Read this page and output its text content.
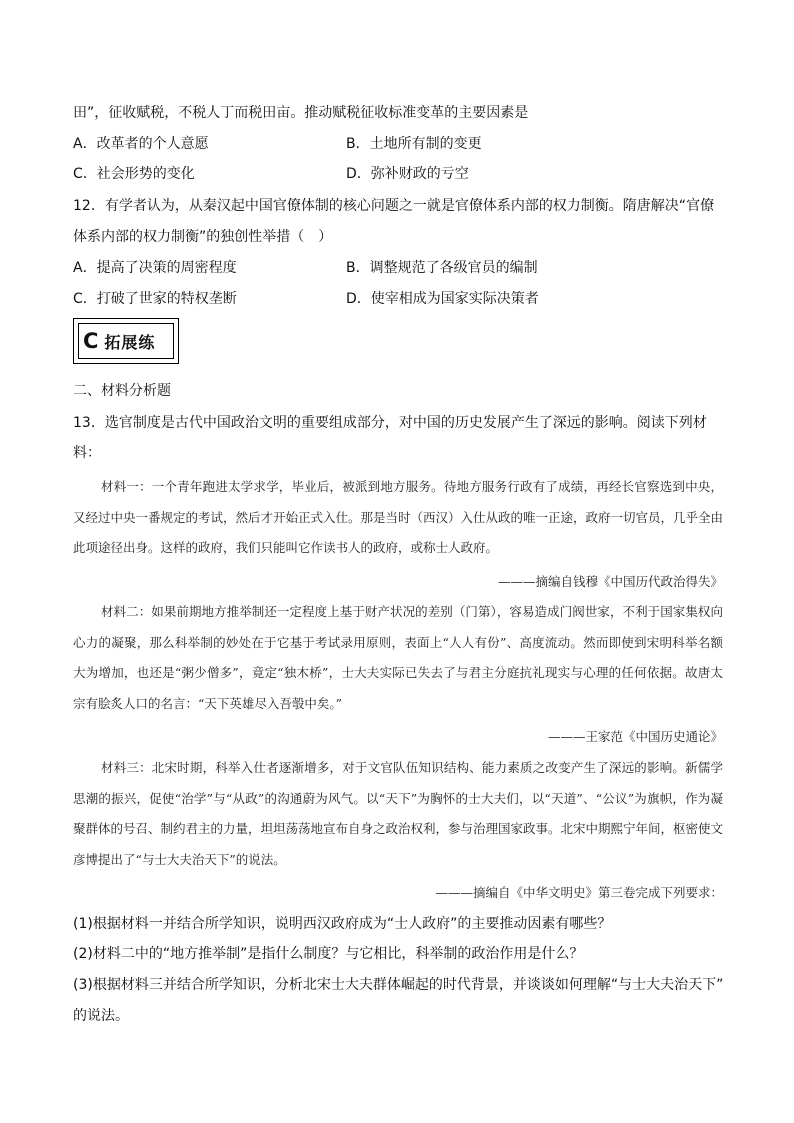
田”，征收赋税，不税人丁而税田亩。推动赋税征收标准变革的主要因素是
A．改革者的个人意愿	B．土地所有制的变更
C．社会形势的变化	D．弥补财政的亏空
12．有学者认为，从秦汉起中国官僚体制的核心问题之一就是官僚体系内部的权力制衡。隋唐解决“官僚
体系内部的权力制衡”的独创性举措（　）
A．提高了决策的周密程度	B．调整规范了各级官员的编制
C．打破了世家的特权垄断	D．使宰相成为国家实际决策者
C 拓展练
二、材料分析题
13．选官制度是古代中国政治文明的重要组成部分，对中国的历史发展产生了深远的影响。阅读下列材
料：
材料一：一个青年跑进太学求学，毕业后，被派到地方服务。待地方服务行政有了成绩，再经长官察选到中央，又经过中央一番规定的考试，然后才开始正式入仕。那是当时（西汉）入仕从政的唯一正途，政府一切官员，几乎全由此项途径出身。这样的政府，我们只能叫它作读书人的政府，或称士人政府。
———摘编自钱穆《中国历代政治得失》
材料二：如果前期地方推举制还一定程度上基于财产状况的差别（门第），容易造成门阀世家，不利于国家集权向心力的凝聚，那么科举制的妙处在于它基于考试录用原则，表面上“人人有份”、高度流动。然而即使到宋明科举名额大为增加，也还是“粥少僧多”，竟定“独木桥”，士大夫实际已失去了与君主分庭抗礼现实与心理的任何依据。故唐太宗有脍炙人口的名言：“天下英雄尽入吾彀中矣。”
———王家范《中国历史通论》
材料三：北宋时期，科举入仕者逐渐增多，对于文官队伍知识结构、能力素质之改变产生了深远的影响。新儒学思潮的振兴，促使“治学”与“从政”的沟通蔚为风气。以“天下”为胸怀的士大夫们，以“天道”、“公议”为旗帜，作为凝聚群体的号召、制约君主的力量，坦坦荡荡地宣布自身之政治权利，参与治理国家政事。北宋中期熙宁年间，枢密使文彦博提出了“与士大夫治天下”的说法。
———摘编自《中华文明史》第三卷完成下列要求：
(1)根据材料一并结合所学知识，说明西汉政府成为“士人政府”的主要推动因素有哪些？
(2)材料二中的“地方推举制”是指什么制度？与它相比，科举制的政治作用是什么？
(3)根据材料三并结合所学知识，分析北宋士大夫群体崛起的时代背景，并谈谈如何理解“与士大夫治天下”
的说法。
